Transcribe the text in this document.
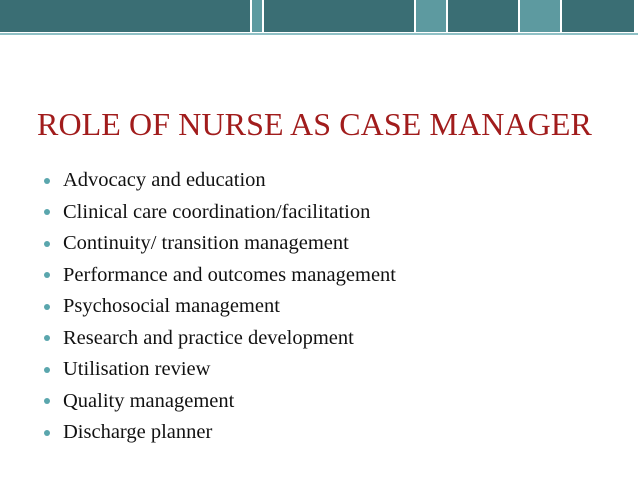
ROLE OF NURSE AS CASE MANAGER
Advocacy and education
Clinical care coordination/facilitation
Continuity/ transition management
Performance and outcomes management
Psychosocial management
Research and practice development
Utilisation review
Quality management
Discharge planner
